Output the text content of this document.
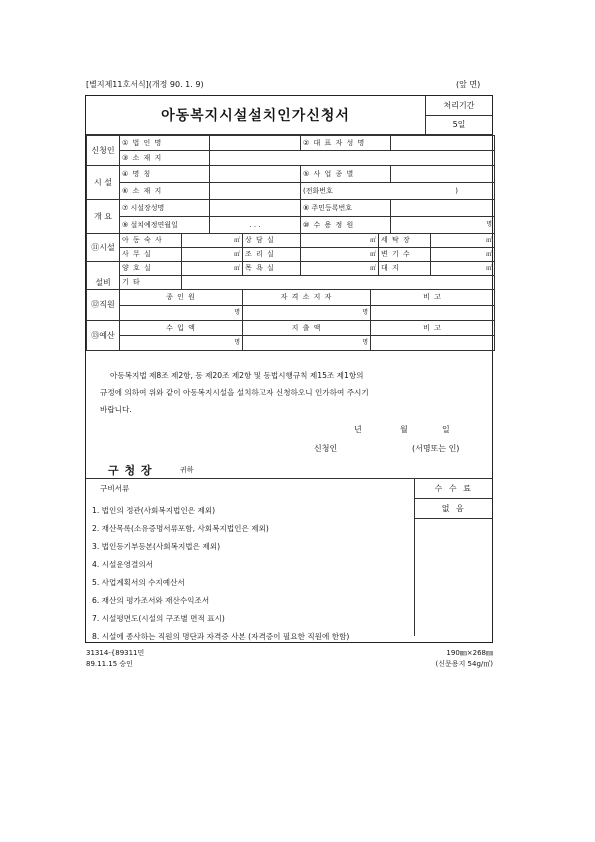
[별지제11호서식](개정 90. 1. 9)	(앞 면)
아동복지시설설치인가신청서
처리기간
5일
신청인	① 법 인 명		② 대 표 자 성 명	
	③ 소 재 지			
시 설	④ 명 칭		⑤ 사 업 종 별	
	⑥ 소 재 지		(전화번호 )	

개 요	⑦ 시설장성명		⑧ 주민등록번호	
	⑨ 설치예정연월일	. . .	⑩ 수 용 정 원	명
⑪시설	아 동 숙 사	㎡	상 담 실	㎡	세 탁 장	㎡
	사 무 실	㎡	조 리 실	㎡	변 기 수	㎡
설비	양 호 실	㎡	목 욕 실	㎡	대 지	㎡
	기 타					
⑫직원	종 인 원	자 격 소 지 자	비 고
	명	명	
⑬예산	수 입 액	지 출 액	비 고
	명	명	

아동복지법 제8조 제2항, 동 제20조 제2항 및 동법시행규칙 제15조 제1항의

규정에 의하여 위와 같이 아동복지시설을 설치하고자 신청하오니 인가하여 주시기
바랍니다.
년	월	일
신청인	(서명또는 인)
구 청 장	귀하
구비서류
1. 법인의 정관(사회복지법인은 제외)
2. 재산목록(소유증명서류포함, 사회복지법인은 제외)
3. 법인등기부등본(사회복지법은 제외)
4. 시설운영결의서
5. 사업계획서의 수지예산서
6. 재산의 평가조서와 재산수익조서
7. 시설평면도(시설의 구조별 면적 표시)
8. 시설에 종사하는 직원의 명단과 자격증 사본 (자격증이 필요한 직원에 한함)
수 수 료
없 음
31314-{89311민
89.11.15 승인
190㎜×268㎜
(신문용지 54g/㎡)
